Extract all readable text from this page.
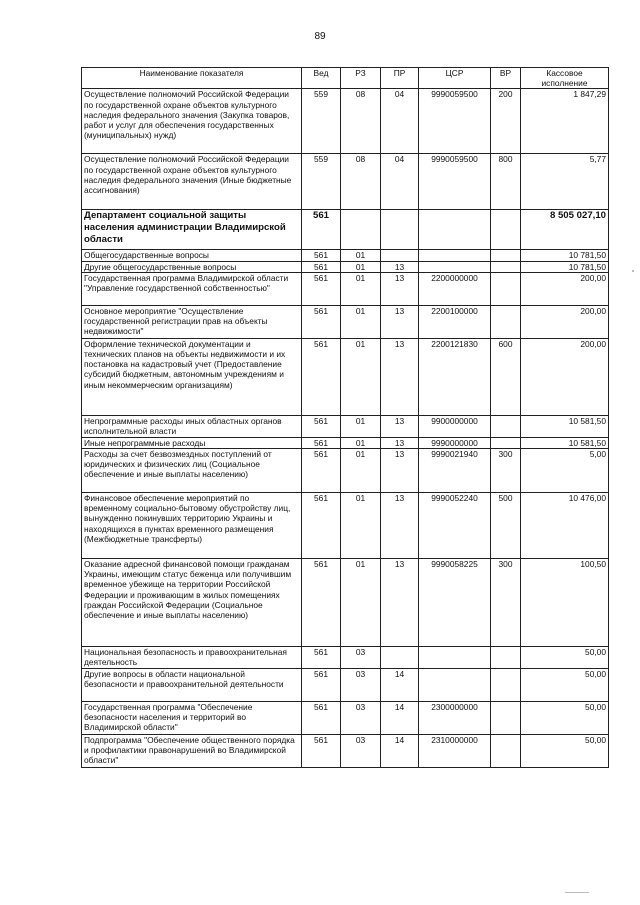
89
Наименование показателя	Вед	РЗ	ПР	ЦСР	ВР	Кассовое исполнение
Осуществление полномочий Российской Федерации по государственной охране объектов культурного наследия федерального значения (Закупка товаров, работ и услуг для обеспечения государственных (муниципальных) нужд)	559	08	04	9990059500	200	1 847,29
Осуществление полномочий Российской Федерации по государственной охране объектов культурного наследия федерального значения (Иные бюджетные ассигнования)	559	08	04	9990059500	800	5,77
Департамент социальной защиты населения администрации Владимирской области	561					8 505 027,10
Общегосударственные вопросы	561	01				10 781,50
Другие общегосударственные вопросы	561	01	13			10 781,50
Государственная программа Владимирской области "Управление государственной собственностью"	561	01	13	2200000000		200,00
Основное мероприятие "Осуществление государственной регистрации прав на объекты недвижимости"	561	01	13	2200100000		200,00
Оформление технической документации и технических планов на объекты недвижимости и их постановка на кадастровый учет (Предоставление субсидий бюджетным, автономным учреждениям и иным некоммерческим организациям)	561	01	13	2200121830	600	200,00
Непрограммные расходы иных областных органов исполнительной власти	561	01	13	9900000000		10 581,50
Иные непрограммные расходы	561	01	13	9990000000		10 581,50
Расходы за счет безвозмездных поступлений от юридических и физических лиц (Социальное обеспечение и иные выплаты населению)	561	01	13	9990021940	300	5,00
Финансовое обеспечение мероприятий по временному социально-бытовому обустройству лиц, вынужденно покинувших территорию Украины и находящихся в пунктах временного размещения (Межбюджетные трансферты)	561	01	13	9990052240	500	10 476,00
Оказание адресной финансовой помощи гражданам Украины, имеющим статус беженца или получившим временное убежище на территории Российской Федерации и проживающим в жилых помещениях граждан Российской Федерации (Социальное обеспечение и иные выплаты населению)	561	01	13	9990058225	300	100,50
Национальная безопасность и правоохранительная деятельность	561	03				50,00
Другие вопросы в области национальной безопасности и правоохранительной деятельности	561	03	14			50,00
Государственная программа "Обеспечение безопасности населения и территорий во Владимирской области"	561	03	14	2300000000		50,00
Подпрограмма "Обеспечение общественного порядка и профилактики правонарушений во Владимирской области"	561	03	14	2310000000		50,00
